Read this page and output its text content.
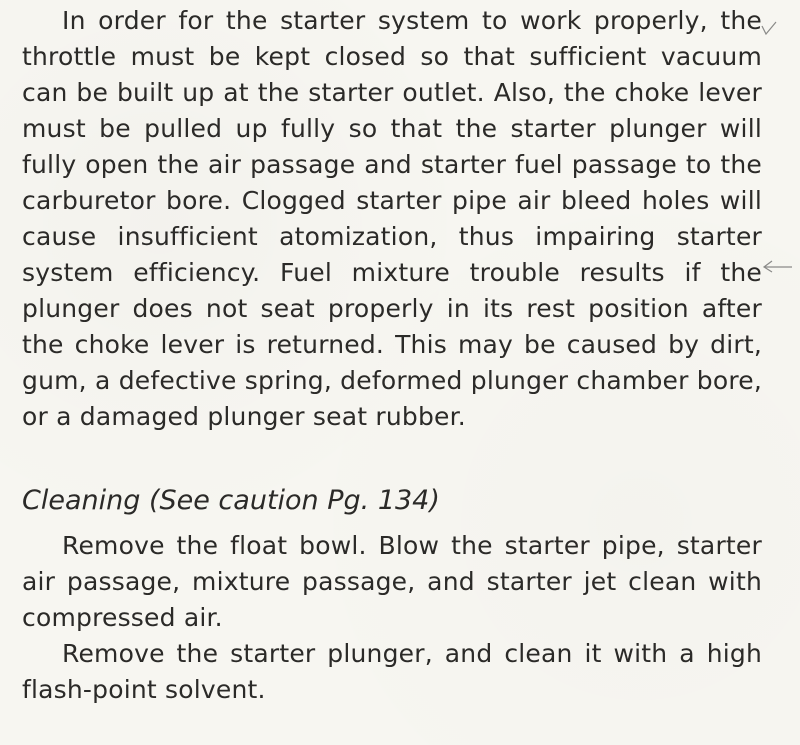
In order for the starter system to work properly, the throttle must be kept closed so that sufficient vacuum can be built up at the starter outlet. Also, the choke lever must be pulled up fully so that the starter plunger will fully open the air passage and starter fuel passage to the carburetor bore. Clogged starter pipe air bleed holes will cause insufficient atomization, thus impairing starter system efficiency. Fuel mixture trouble results if the plunger does not seat properly in its rest position after the choke lever is returned. This may be caused by dirt, gum, a defective spring, deformed plunger chamber bore, or a damaged plunger seat rubber.

Cleaning (See caution Pg. 134)

Remove the float bowl. Blow the starter pipe, starter air passage, mixture passage, and starter jet clean with compressed air.

Remove the starter plunger, and clean it with a high flash-point solvent.
